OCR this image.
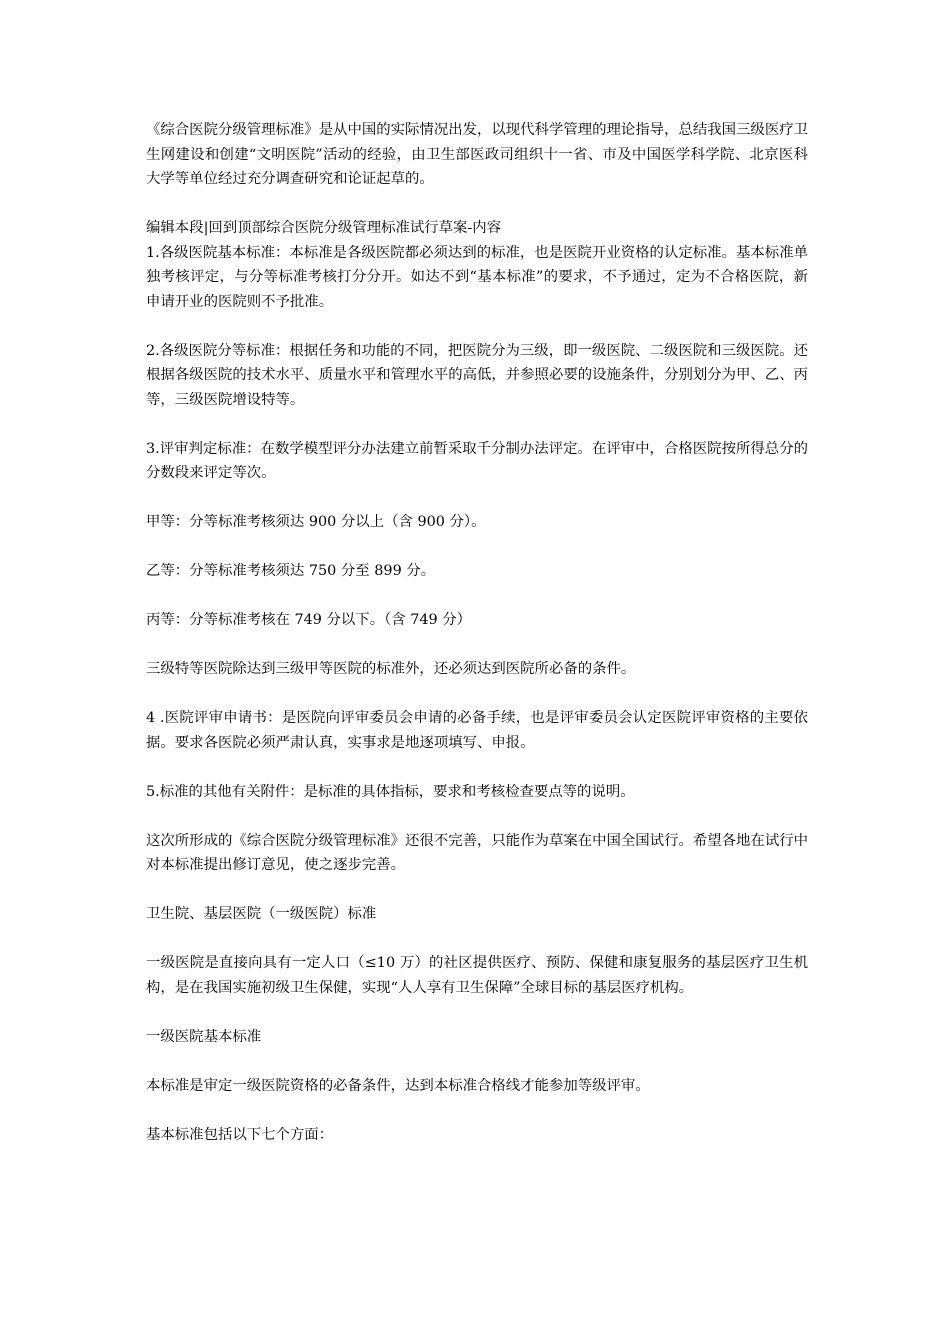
《综合医院分级管理标准》是从中国的实际情况出发，以现代科学管理的理论指导，总结我国三级医疗卫生网建设和创建“文明医院”活动的经验，由卫生部医政司组织十一省、市及中国医学科学院、北京医科大学等单位经过充分调查研究和论证起草的。

编辑本段|回到顶部综合医院分级管理标准试行草案-内容

1.各级医院基本标准：本标准是各级医院都必须达到的标准，也是医院开业资格的认定标准。基本标准单独考核评定，与分等标准考核打分分开。如达不到“基本标准”的要求，不予通过，定为不合格医院，新申请开业的医院则不予批准。

2.各级医院分等标准：根据任务和功能的不同，把医院分为三级，即一级医院、二级医院和三级医院。还根据各级医院的技术水平、质量水平和管理水平的高低，并参照必要的设施条件，分别划分为甲、乙、丙等，三级医院增设特等。

3.评审判定标准：在数学模型评分办法建立前暂采取千分制办法评定。在评审中，合格医院按所得总分的分数段来评定等次。

甲等：分等标准考核须达 900 分以上（含 900 分）。

乙等：分等标准考核须达 750 分至 899 分。

丙等：分等标准考核在 749 分以下。（含 749 分）

三级特等医院除达到三级甲等医院的标准外，还必须达到医院所必备的条件。

4 .医院评审申请书：是医院向评审委员会申请的必备手续，也是评审委员会认定医院评审资格的主要依据。要求各医院必须严肃认真，实事求是地逐项填写、申报。

5.标准的其他有关附件：是标准的具体指标，要求和考核检查要点等的说明。

这次所形成的《综合医院分级管理标准》还很不完善，只能作为草案在中国全国试行。希望各地在试行中对本标准提出修订意见，使之逐步完善。

卫生院、基层医院（一级医院）标准

一级医院是直接向具有一定人口（≤10 万）的社区提供医疗、预防、保健和康复服务的基层医疗卫生机构，是在我国实施初级卫生保健，实现“人人享有卫生保障”全球目标的基层医疗机构。

一级医院基本标准

本标准是审定一级医院资格的必备条件，达到本标准合格线才能参加等级评审。

基本标准包括以下七个方面：
